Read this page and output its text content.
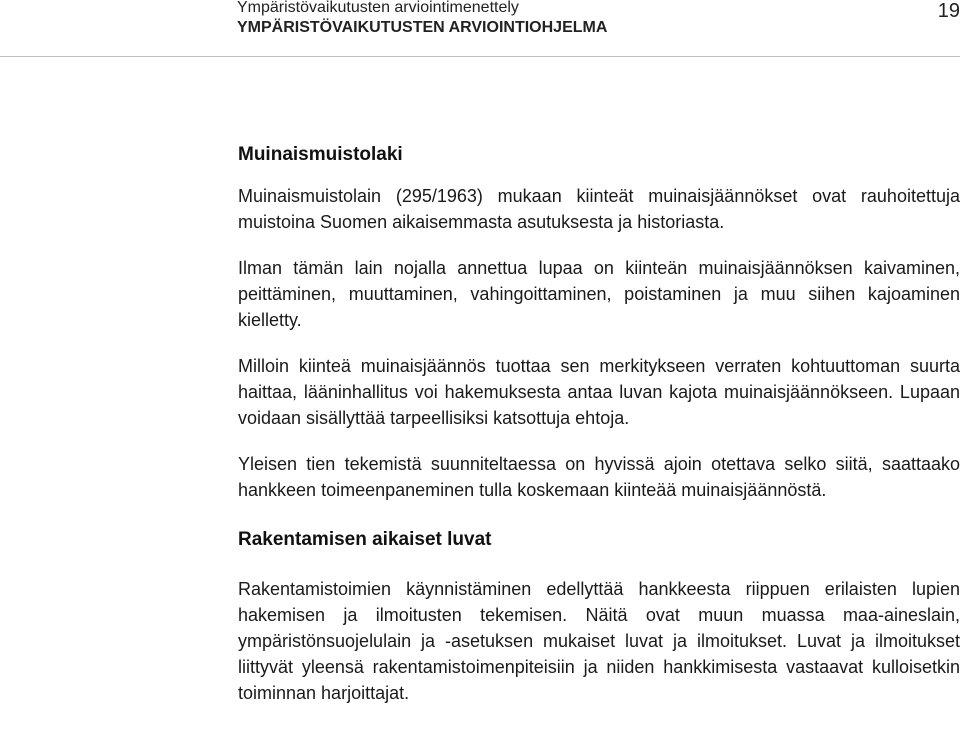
Ympäristövaikutusten arviointimenettely
YMPÄRISTÖVAIKUTUSTEN ARVIOINTIOHJELMA
19
Muinaismuistolaki

Muinaismuistolain (295/1963) mukaan kiinteät muinaisjäännökset ovat rauhoitettuja muistoina Suomen aikaisemmasta asutuksesta ja historiasta.

Ilman tämän lain nojalla annettua lupaa on kiinteän muinaisjäännöksen kaivaminen, peittäminen, muuttaminen, vahingoittaminen, poistaminen ja muu siihen kajoaminen kielletty.

Milloin kiinteä muinaisjäännös tuottaa sen merkitykseen verraten kohtuuttoman suurta haittaa, lääninhallitus voi hakemuksesta antaa luvan kajota muinaisjäännökseen. Lupaan voidaan sisällyttää tarpeellisiksi katsottuja ehtoja.

Yleisen tien tekemistä suunniteltaessa on hyvissä ajoin otettava selko siitä, saattaako hankkeen toimeenpaneminen tulla koskemaan kiinteää muinaisjäännöstä.

Rakentamisen aikaiset luvat

Rakentamistoimien käynnistäminen edellyttää hankkeesta riippuen erilaisten lupien hakemisen ja ilmoitusten tekemisen. Näitä ovat muun muassa maa-aineslain, ympäristönsuojelulain ja -asetuksen mukaiset luvat ja ilmoitukset. Luvat ja ilmoitukset liittyvät yleensä rakentamistoimenpiteisiin ja niiden hankkimisesta vastaavat kulloisetkin toiminnan harjoittajat.
